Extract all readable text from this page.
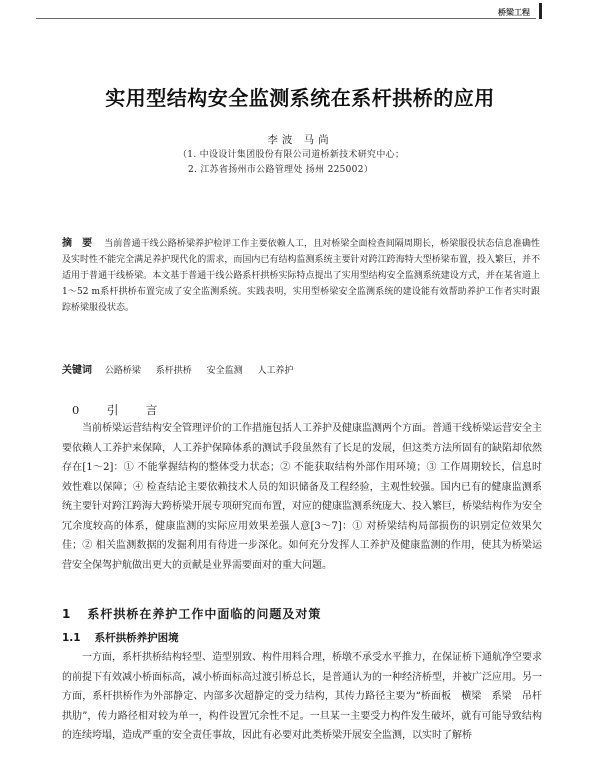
桥梁工程
实用型结构安全监测系统在系杆拱桥的应用
李波 马尚
（1. 中设设计集团股份有限公司道桥新技术研究中心；
2. 江苏省扬州市公路管理处 扬州 225002）
摘　要 当前普通干线公路桥梁养护检评工作主要依赖人工，且对桥梁全面检查间隔周期长，桥梁服役状态信息准确性及实时性不能完全满足养护现代化的需求，而国内已有结构监测系统主要针对跨江跨海特大型桥梁布置，投入繁巨，并不适用于普通干线桥梁。本文基于普通干线公路系杆拱桥实际特点提出了实用型结构安全监测系统建设方式，并在某省道上1～52 m系杆拱桥布置完成了安全监测系统。实践表明，实用型桥梁安全监测系统的建设能有效帮助养护工作者实时跟踪桥梁服役状态。
关键词 公路桥梁 系杆拱桥 安全监测 人工养护
0　引　言
当前桥梁运营结构安全管理评价的工作措施包括人工养护及健康监测两个方面。普通干线桥梁运营安全主要依赖人工养护来保障，人工养护保障体系的测试手段虽然有了长足的发展，但这类方法所固有的缺陷却依然存在[1～2]：① 不能掌握结构的整体受力状态；② 不能获取结构外部作用环境；③ 工作周期较长，信息时效性难以保障；④ 检查结论主要依赖技术人员的知识储备及工程经验，主观性较强。国内已有的健康监测系统主要针对跨江跨海大跨桥梁开展专项研究而布置，对应的健康监测系统庞大、投入繁巨，桥梁结构作为安全冗余度较高的体系，健康监测的实际应用效果差强人意[3～7]：① 对桥梁结构局部损伤的识别定位效果欠佳；② 相关监测数据的发掘利用有待进一步深化。如何充分发挥人工养护及健康监测的作用，使其为桥梁运营安全保驾护航做出更大的贡献是业界需要面对的重大问题。
1 系杆拱桥在养护工作中面临的问题及对策
1.1 系杆拱桥养护困境
一方面，系杆拱桥结构轻型、造型别致、构件用料合理，桥墩不承受水平推力，在保证桥下通航净空要求的前提下有效减小桥面标高，减小桥面标高过渡引桥总长，是普通认为的一种经济桥型，并被广泛应用。另一方面，系杆拱桥作为外部静定、内部多次超静定的受力结构，其传力路径主要为“桥面板　横梁　系梁　吊杆　拱肋”，传力路径相对较为单一，构件设置冗余性不足。一旦某一主要受力构件发生破坏，就有可能导致结构的连续垮塌，造成严重的安全责任事故，因此有必要对此类桥梁开展安全监测，以实时了解桥
